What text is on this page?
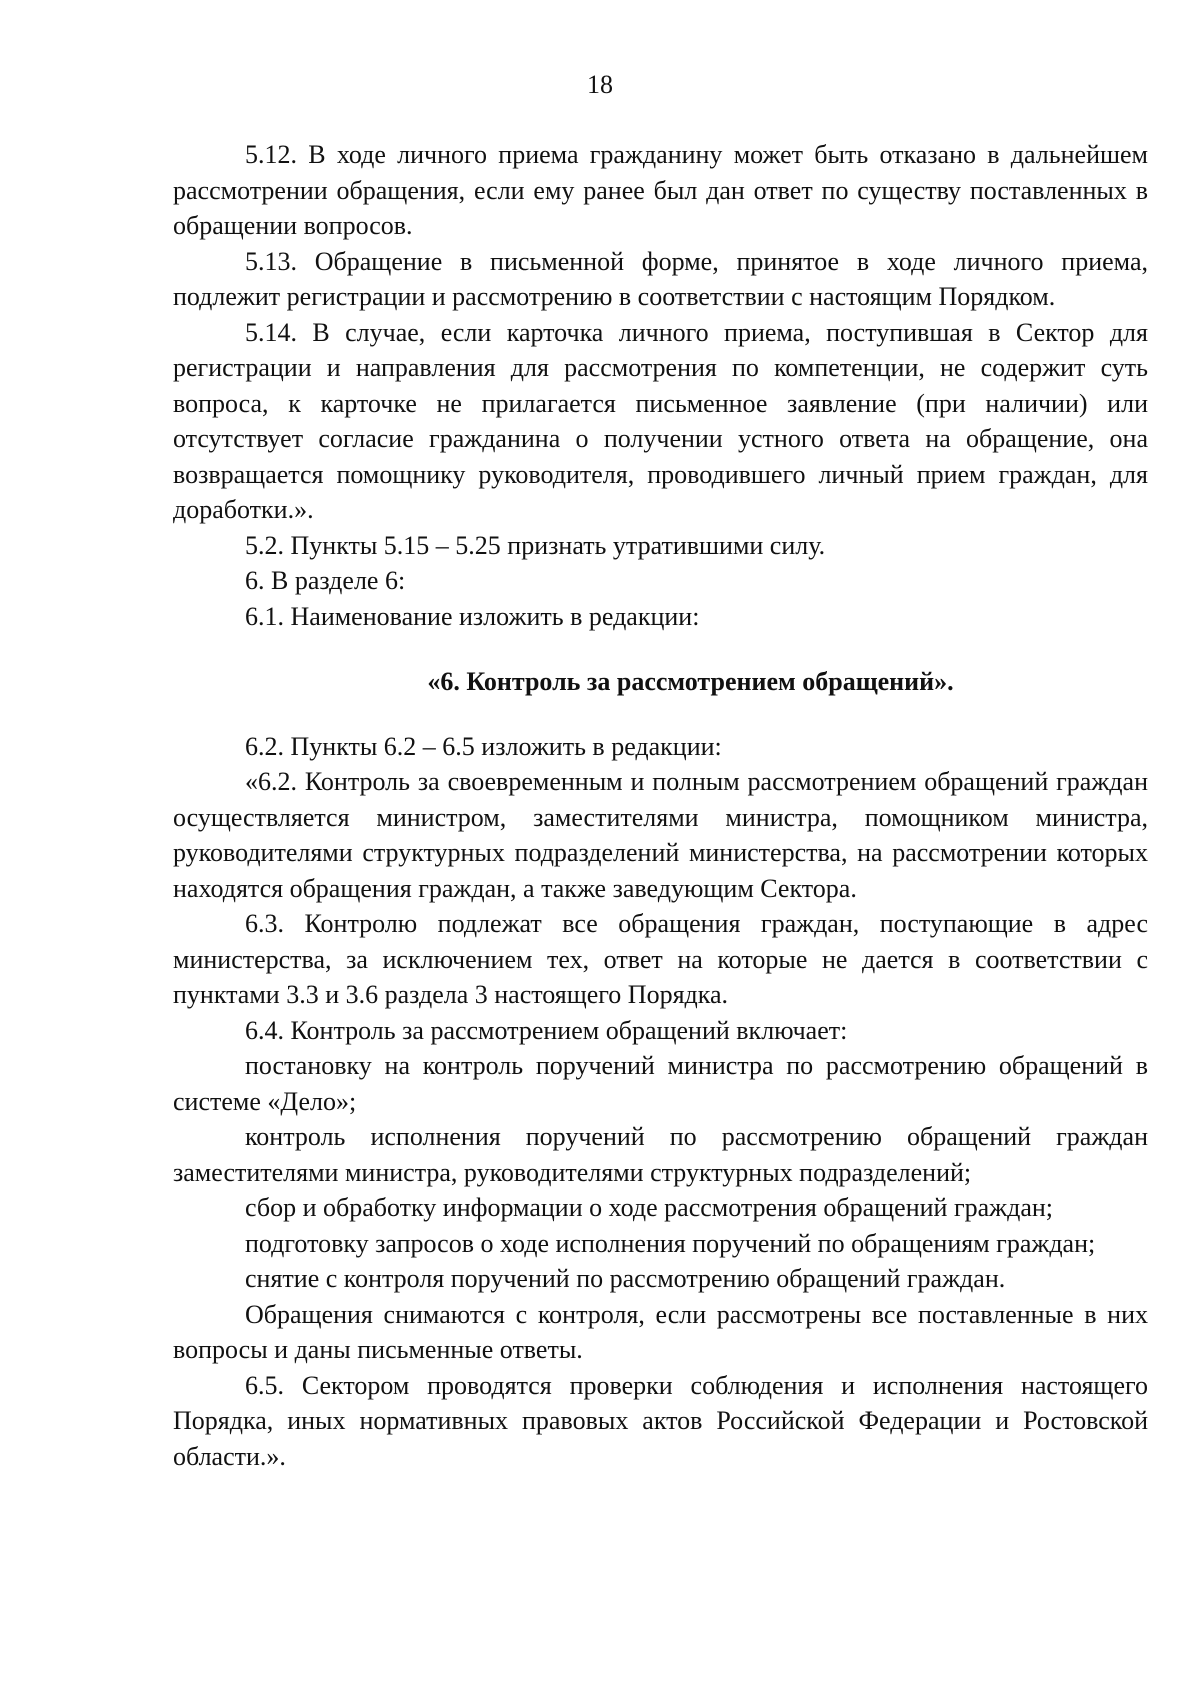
18

5.12. В ходе личного приема гражданину может быть отказано в дальнейшем рассмотрении обращения, если ему ранее был дан ответ по существу поставленных в обращении вопросов.

5.13. Обращение в письменной форме, принятое в ходе личного приема, подлежит регистрации и рассмотрению в соответствии с настоящим Порядком.

5.14. В случае, если карточка личного приема, поступившая в Сектор для регистрации и направления для рассмотрения по компетенции, не содержит суть вопроса, к карточке не прилагается письменное заявление (при наличии) или отсутствует согласие гражданина о получении устного ответа на обращение, она возвращается помощнику руководителя, проводившего личный прием граждан, для доработки.».

5.2. Пункты 5.15 – 5.25 признать утратившими силу.

6. В разделе 6:

6.1. Наименование изложить в редакции:

«6. Контроль за рассмотрением обращений».

6.2. Пункты 6.2 – 6.5 изложить в редакции:

«6.2. Контроль за своевременным и полным рассмотрением обращений граждан осуществляется министром, заместителями министра, помощником министра, руководителями структурных подразделений министерства, на рассмотрении которых находятся обращения граждан, а также заведующим Сектора.

6.3. Контролю подлежат все обращения граждан, поступающие в адрес министерства, за исключением тех, ответ на которые не дается в соответствии с пунктами 3.3 и 3.6 раздела 3 настоящего Порядка.

6.4. Контроль за рассмотрением обращений включает:

постановку на контроль поручений министра по рассмотрению обращений в системе «Дело»;

контроль исполнения поручений по рассмотрению обращений граждан заместителями министра, руководителями структурных подразделений;

сбор и обработку информации о ходе рассмотрения обращений граждан;

подготовку запросов о ходе исполнения поручений по обращениям граждан;

снятие с контроля поручений по рассмотрению обращений граждан.

Обращения снимаются с контроля, если рассмотрены все поставленные в них вопросы и даны письменные ответы.

6.5. Сектором проводятся проверки соблюдения и исполнения настоящего Порядка, иных нормативных правовых актов Российской Федерации и Ростовской области.».
